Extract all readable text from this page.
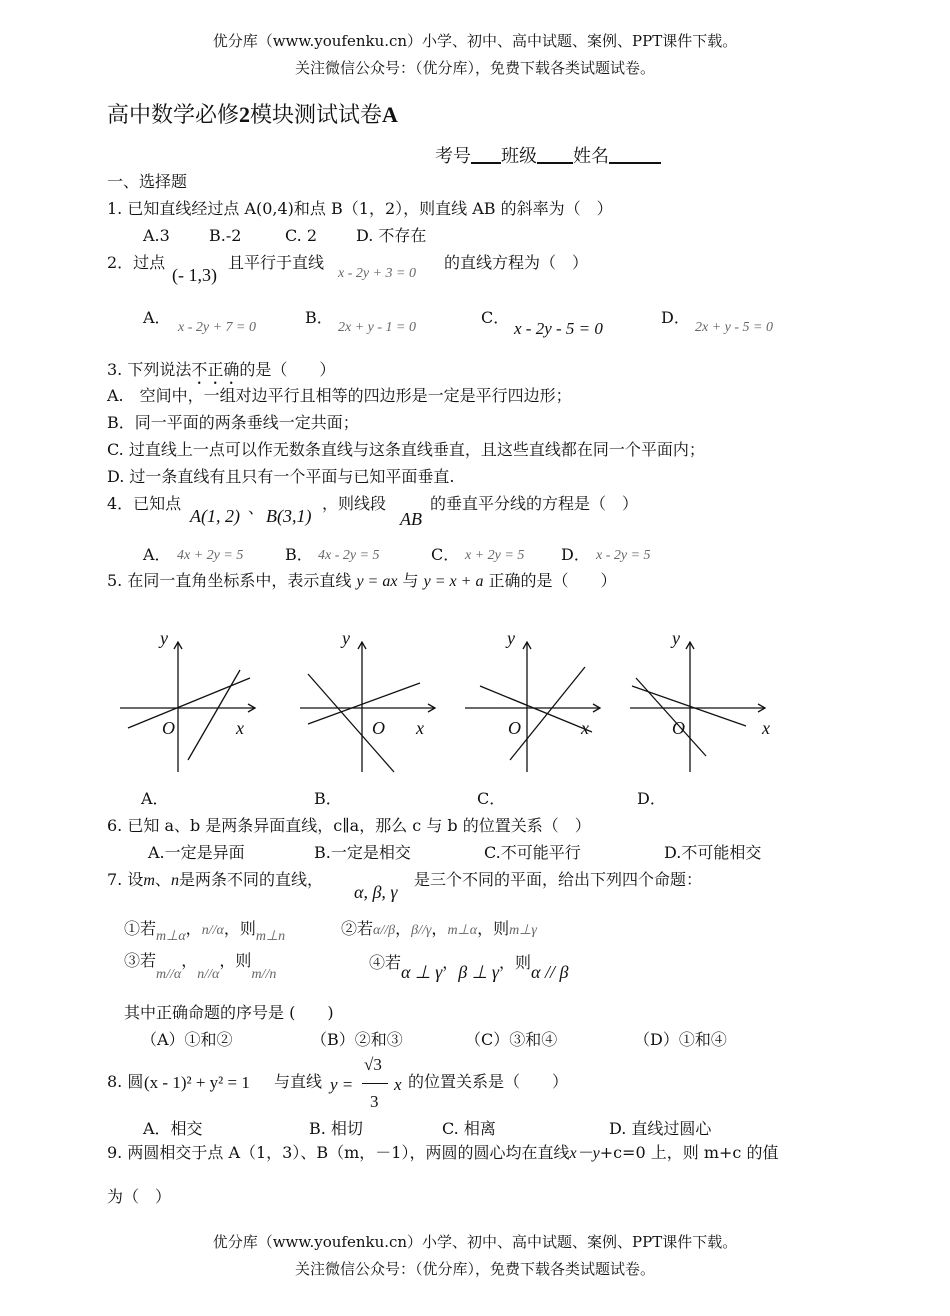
优分库（www.youfenku.cn）小学、初中、高中试题、案例、PPT课件下载。
关注微信公众号：（优分库），免费下载各类试题试卷。
高中数学必修2模块测试试卷A
考号 班级 姓名
一、选择题
1. 已知直线经过点 A(0,4)和点 B（1，2），则直线 AB 的斜率为（　）
A.3 B.-2	C. 2 D. 不存在
2．过点
(- 1,3)
且平行于直线
x - 2y + 3 = 0
的直线方程为（　）
A．
x - 2y + 7 = 0
B．
2x + y - 1 = 0
C．
x - 2y - 5 = 0
D．
2x + y - 5 = 0
3. 下列说法不正确的是（　　）
A.　空间中，一组对边平行且相等的四边形是一定是平行四边形；
B．同一平面的两条垂线一定共面；
C. 过直线上一点可以作无数条直线与这条直线垂直，且这些直线都在同一个平面内；
D. 过一条直线有且只有一个平面与已知平面垂直.
4．已知点
A(1, 2) 、 B(3,1)
，则线段
AB
的垂直平分线的方程是（　）
A． 4x + 2y = 5	B． 4x - 2y = 5	C． x + 2y = 5 D． x - 2y = 5
5. 在同一直角坐标系中，表示直线 y = ax 与 y = x + a 正确的是（　　）
y
x
O
y
x
O
y
x
O
y
x
O
A．	B．	C．	D．
6. 已知 a、b 是两条异面直线，c∥a，那么 c 与 b 的位置关系（　）
A.一定是异面	B.一定是相交	C.不可能平行	D.不可能相交
7. 设m、n是两条不同的直线，
α, β, γ
是三个不同的平面，给出下列四个命题：
①若m⊥α，n//α，则m⊥n	②若α//β，β//γ，m⊥α，则m⊥γ
③若m//α，n//α，则m//n
④若α ⊥ γ，β ⊥ γ，则α // β
其中正确命题的序号是 (　　)
（A）①和②	（B）②和③	（C）③和④	（D）①和④
8. 圆 (x - 1)² + y² = 1 与直线 y =
√3
3
x 的位置关系是（　　）
A．相交	B. 相切	C. 相离	D. 直线过圆心
9. 两圆相交于点 A（1，3）、B（m，－1），两圆的圆心均在直线x－y+c=0 上，则 m+c 的值
为（　）
优分库（www.youfenku.cn）小学、初中、高中试题、案例、PPT课件下载。
关注微信公众号：（优分库），免费下载各类试题试卷。
